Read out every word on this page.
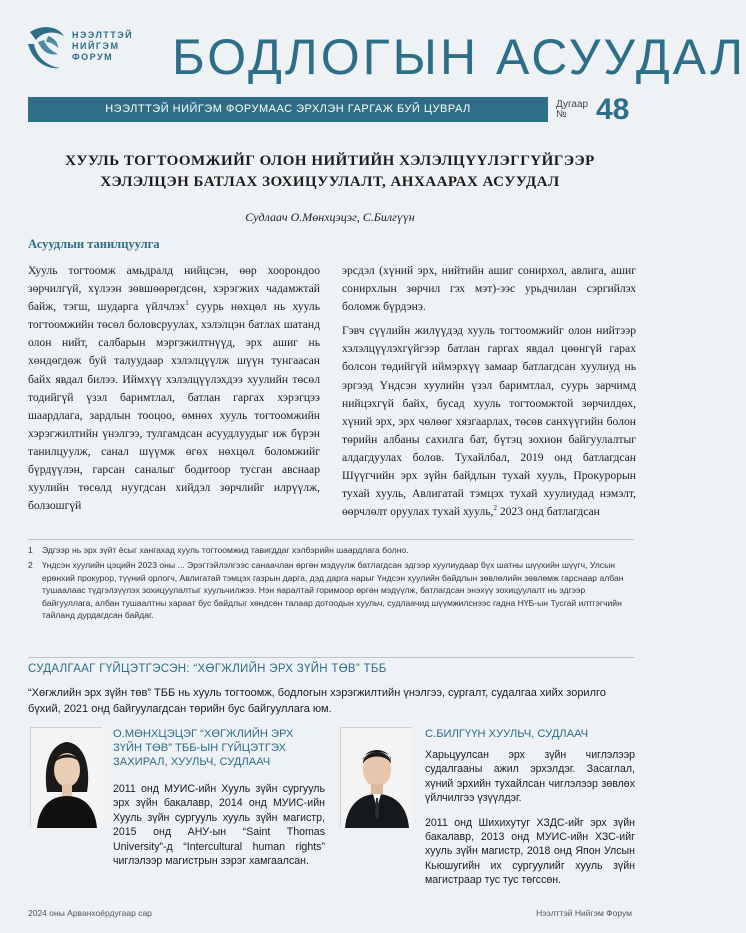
НЭЭЛТТЭЙ
НИЙГЭМ
ФОРУМ	БОДЛОГЫН АСУУДАЛ
НЭЭЛТТЭЙ НИЙГЭМ ФОРУМААС ЭРХЛЭН ГАРГАЖ БУЙ ЦУВРАЛ	Дугаар
№ 48
ХУУЛЬ ТОГТООМЖИЙГ ОЛОН НИЙТИЙН ХЭЛЭЛЦҮҮЛЭГГҮЙГЭЭР
ХЭЛЭЛЦЭН БАТЛАХ ЗОХИЦУУЛАЛТ, АНХААРАХ АСУУДАЛ
Судлаач О.Мөнхцэцэг, С.Билгүүн
Асуудлын танилцуулга

Хууль тогтоомж амьдралд нийцсэн, өөр хоорондоо зөрчилгүй, хүлээн зөвшөөрөгдсөн, хэрэгжих чадамжтай байж, тэгш, шударга үйлчлэх$^1$ суурь нөхцөл нь хууль тогтоомжийн төсөл боловсруулах, хэлэлцэн батлах шатанд олон нийт, салбарын мэргэжилтнүүд, эрх ашиг нь хөндөгдөж буй талуудаар хэлэлцүүлж шүүн тунгаасан байх явдал билээ. Иймхүү хэлэлцүүлэхдээ хуулийн төсөл тодийгүй үзэл баримтлал, батлан гаргах хэрэгцээ шаардлага, зардлын тооцоо, өмнөх хууль тогтоомжийн хэрэгжилтийн үнэлгээ, тулгамдсан асуудлуудыг иж бүрэн танилцуулж, санал шүүмж өгөх нөхцөл боломжийг бүрдүүлэн, гарсан саналыг бодитоор тусган авснаар хуулийн төсөлд нуугдсан хийдэл зөрчлийг илрүүлж, болзошгүй

эрсдэл (хүний эрх, нийтийн ашиг сонирхол, авлига, ашиг сонирхлын зөрчил гэх мэт)-ээс урьдчилан сэргийлэх боломж бүрдэнэ.

Гэвч сүүлийн жилүүдэд хууль тогтоомжийг олон нийтээр хэлэлцүүлэхгүйгээр батлан гаргах явдал цөөнгүй гарах болсон төдийгүй иймэрхүү замаар батлагдсан хуулиуд нь эргээд Үндсэн хуулийн үзэл баримтлал, суурь зарчимд нийцэхгүй байх, бусад хууль тогтоомжтой зөрчилдөх, хүний эрх, эрх чөлөөг хязгаарлах, төсөв санхүүгийн болон төрийн албаны сахилга бат, бүтэц зохион байгуулалтыг алдагдуулах болов. Тухайлбал, 2019 онд батлагдсан Шүүгчийн эрх зүйн байдлын тухай хууль, Прокурорын тухай хууль, Авлигатай тэмцэх тухай хуулиудад нэмэлт, өөрчлөлт оруулах тухай хууль,$^2$ 2023 онд батлагдсан

1	Эдгээр нь эрх зүйт ёсыг хангахад хууль тогтоомжид тавигддаг хэлбэрийн шаардлага болно.
2	Үндсэн хуулийн цэцийн 2023 оны ... Эрэгтэйлэлгээс санаачлан өргөн мэдүүлж батлагдсан эдгээр хуулиудаар бүх шатны шүүхийн шүүгч, Улсын ерөнхий прокурор, түүний орлогч, Авлигатай тэмцэх газрын дарга, дэд дарга нарыг Үндсэн хуулийн байдлын зөвлөлийн зөвлөмж гарснаар албан тушаалаас түдгэлзүүлэх зохицуулалтыг хуульчилжээ. Нэн яаралтай горимоор өргөн мэдүүлж, батлагдсан энэхүү зохицуулалт нь эдгээр байгууллага, албан тушаалтны хараат бус байдлыг хөндсөн талаар дотоодын хуульч, судлаачид шүүмжилснээс гадна НҮБ-ын Тусгай илтгэгчийн тайланд дурдагдсан байдаг.
СУДАЛГААГ ГҮЙЦЭТГЭСЭН: “ХӨГЖЛИЙН ЭРХ ЗҮЙН ТӨВ” ТББ
“Хөгжлийн эрх зүйн төв” ТББ нь хууль тогтоомж, бодлогын хэрэгжилтийн үнэлгээ, сургалт, судалгаа хийх зорилго бүхий, 2021 онд байгуулагдсан төрийн бус байгууллага юм.
О.МӨНХЦЭЦЭГ “ХӨГЖЛИЙН ЭРХ ЗҮЙН ТӨВ” ТББ-ЫН ГҮЙЦЭТГЭХ ЗАХИРАЛ, ХУУЛЬЧ, СУДЛААЧ
2011 онд МУИС-ийн Хууль зүйн сургууль эрх зүйн бакалавр, 2014 онд МУИС-ийн Хууль зүйн сургууль хууль зүйн магистр, 2015 онд АНУ-ын “Saint Thomas University”-д “Intercultural human rights” чиглэлээр магистрын зэрэг хамгаалсан.
С.БИЛГҮҮН ХУУЛЬЧ, СУДЛААЧ

Харьцуулсан эрх зүйн чиглэлээр судалгааны ажил эрхэлдэг. Засаглал, хүний эрхийн тухайлсан чиглэлээр зөвлөх үйлчилгээ үзүүлдэг.

2011 онд Шихихутуг ХЗДС-ийг эрх зүйн бакалавр, 2013 онд МУИС-ийн ХЗС-ийг хууль зүйн магистр, 2018 онд Япон Улсын Кьюшугийн их сургуулийг хууль зүйн магистраар тус тус төгссөн.

2024 оны Арванхоёрдугаар сар	Нээлттэй Нийгэм Форум
